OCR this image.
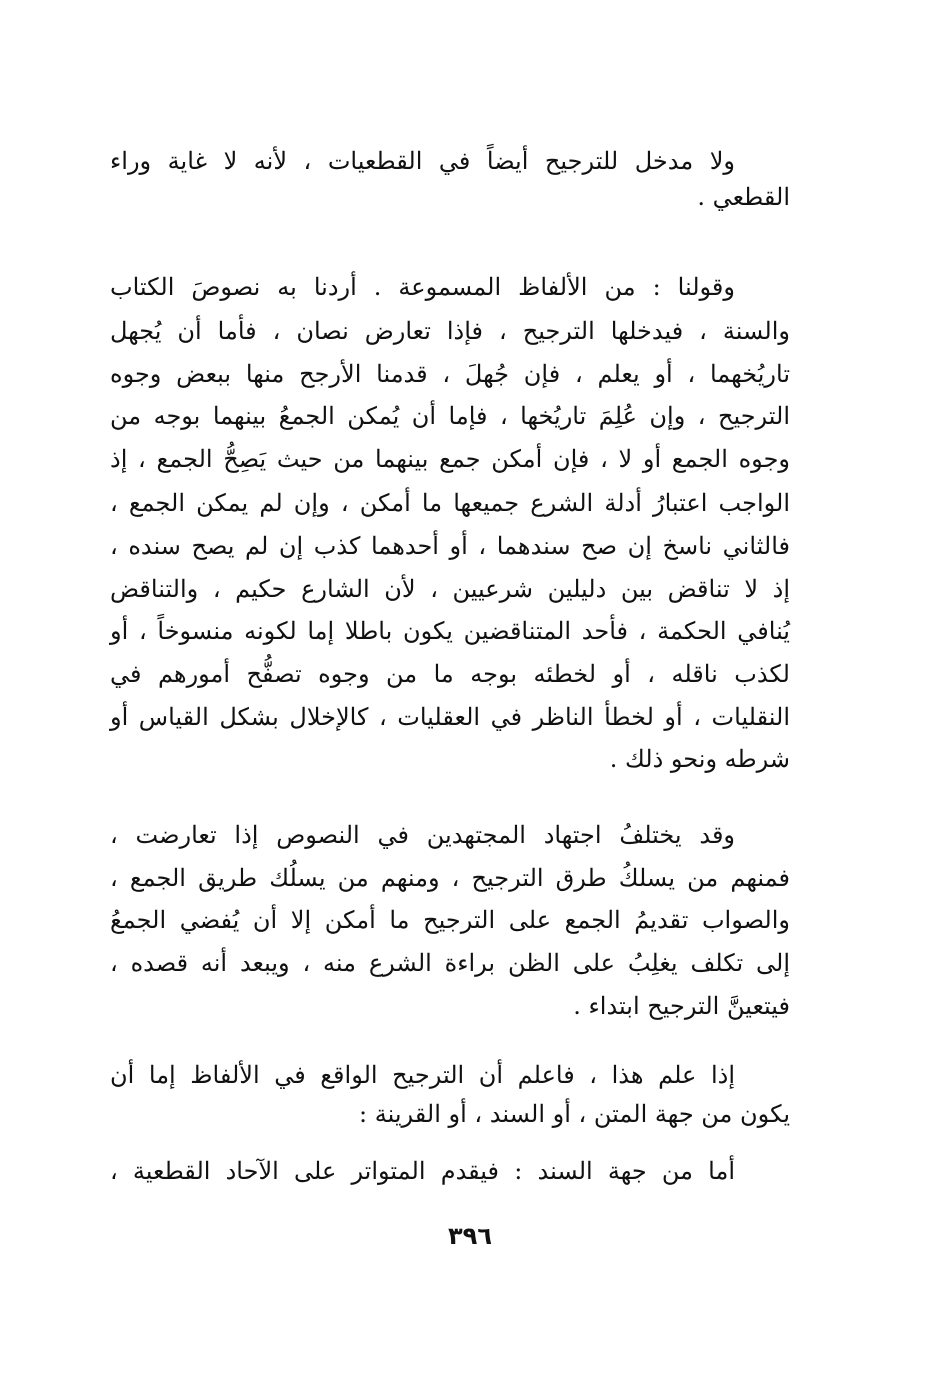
ولا مدخل للترجيح أيضاً في القطعيات ، لأنه لا غاية وراء
القطعي .
وقولنا : من الألفاظ المسموعة . أردنا به نصوصَ الكتاب
والسنة ، فيدخلها الترجيح ، فإذا تعارض نصان ، فأما أن يُجهل
تاريُخهما ، أو يعلم ، فإن جُهلَ ، قدمنا الأرجح منها ببعض وجوه
الترجيح ، وإن عُلِمَ تاريُخها ، فإما أن يُمكن الجمعُ بينهما بوجه من
وجوه الجمع أو لا ، فإن أمكن جمع بينهما من حيث يَصِحُّ الجمع ، إذ
الواجب اعتبارُ أدلة الشرع جميعها ما أمكن ، وإن لم يمكن الجمع ،
فالثاني ناسخ إن صح سندهما ، أو أحدهما كذب إن لم يصح سنده ،
إذ لا تناقض بين دليلين شرعيين ، لأن الشارع حكيم ، والتناقض
يُنافي الحكمة ، فأحد المتناقضين يكون باطلا إما لكونه منسوخاً ، أو
لكذب ناقله ، أو لخطئه بوجه ما من وجوه تصفُّح أمورهم في
النقليات ، أو لخطأ الناظر في العقليات ، كالإخلال بشكل القياس أو
شرطه ونحو ذلك .
وقد يختلفُ اجتهاد المجتهدين في النصوص إذا تعارضت ،
فمنهم من يسلكُ طرق الترجيح ، ومنهم من يسلُك طريق الجمع ،
والصواب تقديمُ الجمع على الترجيح ما أمكن إلا أن يُفضي الجمعُ
إلى تكلف يغلِبُ على الظن براءة الشرع منه ، ويبعد أنه قصده ،
فيتعينَّ الترجيح ابتداء .
إذا علم هذا ، فاعلم أن الترجيح الواقع في الألفاظ إما أن
يكون من جهة المتن ، أو السند ، أو القرينة :
أما من جهة السند : فيقدم المتواتر على الآحاد القطعية ،
٣٩٦
